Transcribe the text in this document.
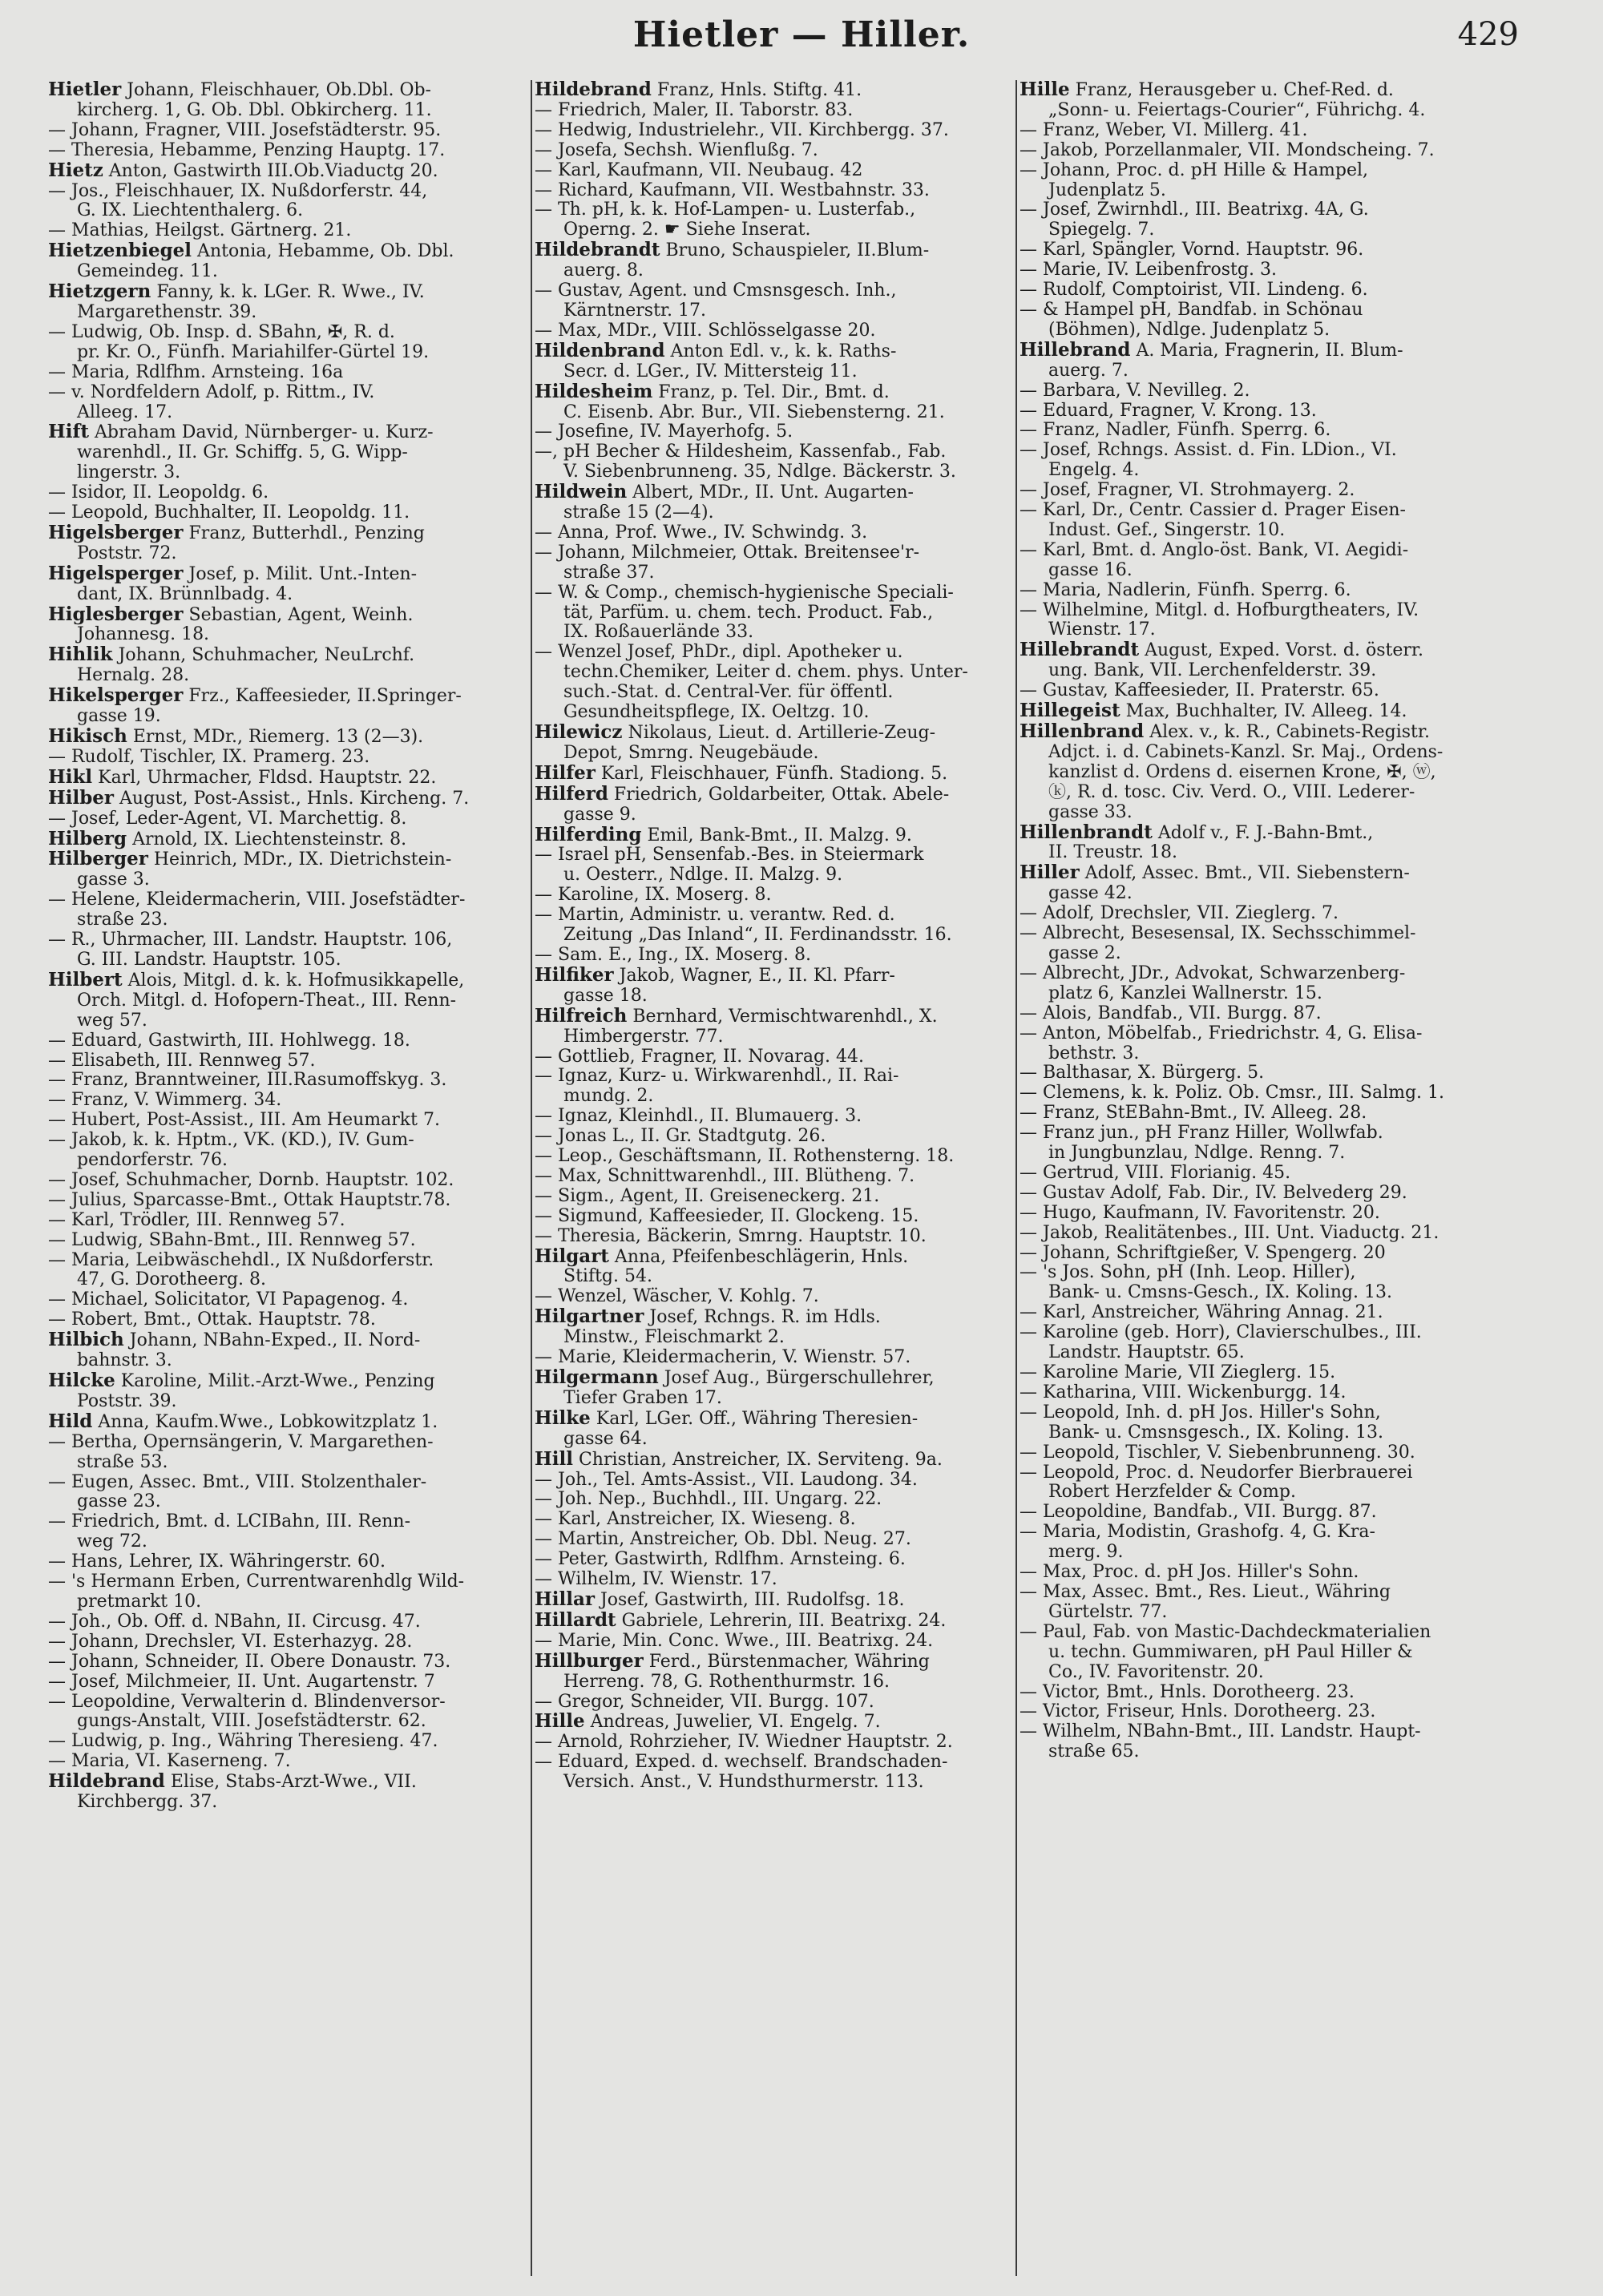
Hietler — Hiller.	429
Hietler Johann, Fleischhauer, Ob.Dbl. Ob-
kircherg. 1, G. Ob. Dbl. Obkircherg. 11.
— Johann, Fragner, VIII. Josefstädterstr. 95.
— Theresia, Hebamme, Penzing Hauptg. 17.
Hietz Anton, Gastwirth III.Ob.Viaductg 20.
— Jos., Fleischhauer, IX. Nußdorferstr. 44,
G. IX. Liechtenthalerg. 6.
— Mathias, Heilgst. Gärtnerg. 21.
Hietzenbiegel Antonia, Hebamme, Ob. Dbl.
Gemeindeg. 11.
Hietzgern Fanny, k. k. LGer. R. Wwe., IV.
Margarethenstr. 39.
— Ludwig, Ob. Insp. d. SBahn, ✠, R. d.
pr. Kr. O., Fünfh. Mariahilfer-Gürtel 19.
— Maria, Rdlfhm. Arnsteing. 16a
— v. Nordfeldern Adolf, p. Rittm., IV.
Alleeg. 17.
Hift Abraham David, Nürnberger- u. Kurz-
warenhdl., II. Gr. Schiffg. 5, G. Wipp-
lingerstr. 3.
— Isidor, II. Leopoldg. 6.
— Leopold, Buchhalter, II. Leopoldg. 11.
Higelsberger Franz, Butterhdl., Penzing
Poststr. 72.
Higelsperger Josef, p. Milit. Unt.-Inten-
dant, IX. Brünnlbadg. 4.
Higlesberger Sebastian, Agent, Weinh.
Johannesg. 18.
Hihlik Johann, Schuhmacher, NeuLrchf.
Hernalg. 28.
Hikelsperger Frz., Kaffeesieder, II.Springer-
gasse 19.
Hikisch Ernst, MDr., Riemerg. 13 (2—3).
— Rudolf, Tischler, IX. Pramerg. 23.
Hikl Karl, Uhrmacher, Fldsd. Hauptstr. 22.
Hilber August, Post-Assist., Hnls. Kircheng. 7.
— Josef, Leder-Agent, VI. Marchettig. 8.
Hilberg Arnold, IX. Liechtensteinstr. 8.
Hilberger Heinrich, MDr., IX. Dietrichstein-
gasse 3.
— Helene, Kleidermacherin, VIII. Josefstädter-
straße 23.
— R., Uhrmacher, III. Landstr. Hauptstr. 106,
G. III. Landstr. Hauptstr. 105.
Hilbert Alois, Mitgl. d. k. k. Hofmusikkapelle,
Orch. Mitgl. d. Hofopern-Theat., III. Renn-
weg 57.
— Eduard, Gastwirth, III. Hohlwegg. 18.
— Elisabeth, III. Rennweg 57.
— Franz, Branntweiner, III.Rasumoffskyg. 3.
— Franz, V. Wimmerg. 34.
— Hubert, Post-Assist., III. Am Heumarkt 7.
— Jakob, k. k. Hptm., VK. (KD.), IV. Gum-
pendorferstr. 76.
— Josef, Schuhmacher, Dornb. Hauptstr. 102.
— Julius, Sparcasse-Bmt., Ottak Hauptstr.78.
— Karl, Trödler, III. Rennweg 57.
— Ludwig, SBahn-Bmt., III. Rennweg 57.
— Maria, Leibwäschehdl., IX Nußdorferstr.
47, G. Dorotheerg. 8.
— Michael, Solicitator, VI Papagenog. 4.
— Robert, Bmt., Ottak. Hauptstr. 78.
Hilbich Johann, NBahn-Exped., II. Nord-
bahnstr. 3.
Hilcke Karoline, Milit.-Arzt-Wwe., Penzing
Poststr. 39.
Hild Anna, Kaufm.Wwe., Lobkowitzplatz 1.
— Bertha, Opernsängerin, V. Margarethen-
straße 53.
— Eugen, Assec. Bmt., VIII. Stolzenthaler-
gasse 23.
— Friedrich, Bmt. d. LCIBahn, III. Renn-
weg 72.
— Hans, Lehrer, IX. Währingerstr. 60.
— 's Hermann Erben, Currentwarenhdlg Wild-
pretmarkt 10.
— Joh., Ob. Off. d. NBahn, II. Circusg. 47.
— Johann, Drechsler, VI. Esterhazyg. 28.
— Johann, Schneider, II. Obere Donaustr. 73.
— Josef, Milchmeier, II. Unt. Augartenstr. 7
— Leopoldine, Verwalterin d. Blindenversor-
gungs-Anstalt, VIII. Josefstädterstr. 62.
— Ludwig, p. Ing., Währing Theresieng. 47.
— Maria, VI. Kaserneng. 7.
Hildebrand Elise, Stabs-Arzt-Wwe., VII.
Kirchbergg. 37.
Hildebrand Franz, Hnls. Stiftg. 41.
— Friedrich, Maler, II. Taborstr. 83.
— Hedwig, Industrielehr., VII. Kirchbergg. 37.
— Josefa, Sechsh. Wienflußg. 7.
— Karl, Kaufmann, VII. Neubaug. 42
— Richard, Kaufmann, VII. Westbahnstr. 33.
— Th. pH, k. k. Hof-Lampen- u. Lusterfab.,
Operng. 2. ☛ Siehe Inserat.
Hildebrandt Bruno, Schauspieler, II.Blum-
auerg. 8.
— Gustav, Agent. und Cmsnsgesch. Inh.,
Kärntnerstr. 17.
— Max, MDr., VIII. Schlösselgasse 20.
Hildenbrand Anton Edl. v., k. k. Raths-
Secr. d. LGer., IV. Mittersteig 11.
Hildesheim Franz, p. Tel. Dir., Bmt. d.
C. Eisenb. Abr. Bur., VII. Siebensterng. 21.
— Josefine, IV. Mayerhofg. 5.
—, pH Becher & Hildesheim, Kassenfab., Fab.
V. Siebenbrunneng. 35, Ndlge. Bäckerstr. 3.
Hildwein Albert, MDr., II. Unt. Augarten-
straße 15 (2—4).
— Anna, Prof. Wwe., IV. Schwindg. 3.
— Johann, Milchmeier, Ottak. Breitensee'r-
straße 37.
— W. & Comp., chemisch-hygienische Speciali-
tät, Parfüm. u. chem. tech. Product. Fab.,
IX. Roßauerlände 33.
— Wenzel Josef, PhDr., dipl. Apotheker u.
techn.Chemiker, Leiter d. chem. phys. Unter-
such.-Stat. d. Central-Ver. für öffentl.
Gesundheitspflege, IX. Oeltzg. 10.
Hilewicz Nikolaus, Lieut. d. Artillerie-Zeug-
Depot, Smrng. Neugebäude.
Hilfer Karl, Fleischhauer, Fünfh. Stadiong. 5.
Hilferd Friedrich, Goldarbeiter, Ottak. Abele-
gasse 9.
Hilferding Emil, Bank-Bmt., II. Malzg. 9.
— Israel pH, Sensenfab.-Bes. in Steiermark
u. Oesterr., Ndlge. II. Malzg. 9.
— Karoline, IX. Moserg. 8.
— Martin, Administr. u. verantw. Red. d.
Zeitung „Das Inland“, II. Ferdinandsstr. 16.
— Sam. E., Ing., IX. Moserg. 8.
Hilfiker Jakob, Wagner, E., II. Kl. Pfarr-
gasse 18.
Hilfreich Bernhard, Vermischtwarenhdl., X.
Himbergerstr. 77.
— Gottlieb, Fragner, II. Novarag. 44.
— Ignaz, Kurz- u. Wirkwarenhdl., II. Rai-
mundg. 2.
— Ignaz, Kleinhdl., II. Blumauerg. 3.
— Jonas L., II. Gr. Stadtgutg. 26.
— Leop., Geschäftsmann, II. Rothensterng. 18.
— Max, Schnittwarenhdl., III. Blütheng. 7.
— Sigm., Agent, II. Greiseneckerg. 21.
— Sigmund, Kaffeesieder, II. Glockeng. 15.
— Theresia, Bäckerin, Smrng. Hauptstr. 10.
Hilgart Anna, Pfeifenbeschlägerin, Hnls.
Stiftg. 54.
— Wenzel, Wäscher, V. Kohlg. 7.
Hilgartner Josef, Rchngs. R. im Hdls.
Minstw., Fleischmarkt 2.
— Marie, Kleidermacherin, V. Wienstr. 57.
Hilgermann Josef Aug., Bürgerschullehrer,
Tiefer Graben 17.
Hilke Karl, LGer. Off., Währing Theresien-
gasse 64.
Hill Christian, Anstreicher, IX. Serviteng. 9a.
— Joh., Tel. Amts-Assist., VII. Laudong. 34.
— Joh. Nep., Buchhdl., III. Ungarg. 22.
— Karl, Anstreicher, IX. Wieseng. 8.
— Martin, Anstreicher, Ob. Dbl. Neug. 27.
— Peter, Gastwirth, Rdlfhm. Arnsteing. 6.
— Wilhelm, IV. Wienstr. 17.
Hillar Josef, Gastwirth, III. Rudolfsg. 18.
Hillardt Gabriele, Lehrerin, III. Beatrixg. 24.
— Marie, Min. Conc. Wwe., III. Beatrixg. 24.
Hillburger Ferd., Bürstenmacher, Währing
Herreng. 78, G. Rothenthurmstr. 16.
— Gregor, Schneider, VII. Burgg. 107.
Hille Andreas, Juwelier, VI. Engelg. 7.
— Arnold, Rohrzieher, IV. Wiedner Hauptstr. 2.
— Eduard, Exped. d. wechself. Brandschaden-
Versich. Anst., V. Hundsthurmerstr. 113.
Hille Franz, Herausgeber u. Chef-Red. d.
„Sonn- u. Feiertags-Courier“, Führichg. 4.
— Franz, Weber, VI. Millerg. 41.
— Jakob, Porzellanmaler, VII. Mondscheing. 7.
— Johann, Proc. d. pH Hille & Hampel,
Judenplatz 5.
— Josef, Zwirnhdl., III. Beatrixg. 4A, G.
Spiegelg. 7.
— Karl, Spängler, Vornd. Hauptstr. 96.
— Marie, IV. Leibenfrostg. 3.
— Rudolf, Comptoirist, VII. Lindeng. 6.
— & Hampel pH, Bandfab. in Schönau
(Böhmen), Ndlge. Judenplatz 5.
Hillebrand A. Maria, Fragnerin, II. Blum-
auerg. 7.
— Barbara, V. Nevilleg. 2.
— Eduard, Fragner, V. Krong. 13.
— Franz, Nadler, Fünfh. Sperrg. 6.
— Josef, Rchngs. Assist. d. Fin. LDion., VI.
Engelg. 4.
— Josef, Fragner, VI. Strohmayerg. 2.
— Karl, Dr., Centr. Cassier d. Prager Eisen-
Indust. Gef., Singerstr. 10.
— Karl, Bmt. d. Anglo-öst. Bank, VI. Aegidi-
gasse 16.
— Maria, Nadlerin, Fünfh. Sperrg. 6.
— Wilhelmine, Mitgl. d. Hofburgtheaters, IV.
Wienstr. 17.
Hillebrandt August, Exped. Vorst. d. österr.
ung. Bank, VII. Lerchenfelderstr. 39.
— Gustav, Kaffeesieder, II. Praterstr. 65.
Hillegeist Max, Buchhalter, IV. Alleeg. 14.
Hillenbrand Alex. v., k. R., Cabinets-Registr.
Adjct. i. d. Cabinets-Kanzl. Sr. Maj., Ordens-
kanzlist d. Ordens d. eisernen Krone, ✠, ⓦ,
ⓚ, R. d. tosc. Civ. Verd. O., VIII. Lederer-
gasse 33.
Hillenbrandt Adolf v., F. J.-Bahn-Bmt.,
II. Treustr. 18.
Hiller Adolf, Assec. Bmt., VII. Siebenstern-
gasse 42.
— Adolf, Drechsler, VII. Zieglerg. 7.
— Albrecht, Besesensal, IX. Sechsschimmel-
gasse 2.
— Albrecht, JDr., Advokat, Schwarzenberg-
platz 6, Kanzlei Wallnerstr. 15.
— Alois, Bandfab., VII. Burgg. 87.
— Anton, Möbelfab., Friedrichstr. 4, G. Elisa-
bethstr. 3.
— Balthasar, X. Bürgerg. 5.
— Clemens, k. k. Poliz. Ob. Cmsr., III. Salmg. 1.
— Franz, StEBahn-Bmt., IV. Alleeg. 28.
— Franz jun., pH Franz Hiller, Wollwfab.
in Jungbunzlau, Ndlge. Renng. 7.
— Gertrud, VIII. Florianig. 45.
— Gustav Adolf, Fab. Dir., IV. Belvederg 29.
— Hugo, Kaufmann, IV. Favoritenstr. 20.
— Jakob, Realitätenbes., III. Unt. Viaductg. 21.
— Johann, Schriftgießer, V. Spengerg. 20
— 's Jos. Sohn, pH (Inh. Leop. Hiller),
Bank- u. Cmsns-Gesch., IX. Koling. 13.
— Karl, Anstreicher, Währing Annag. 21.
— Karoline (geb. Horr), Clavierschulbes., III.
Landstr. Hauptstr. 65.
— Karoline Marie, VII Zieglerg. 15.
— Katharina, VIII. Wickenburgg. 14.
— Leopold, Inh. d. pH Jos. Hiller's Sohn,
Bank- u. Cmsnsgesch., IX. Koling. 13.
— Leopold, Tischler, V. Siebenbrunneng. 30.
— Leopold, Proc. d. Neudorfer Bierbrauerei
Robert Herzfelder & Comp.
— Leopoldine, Bandfab., VII. Burgg. 87.
— Maria, Modistin, Grashofg. 4, G. Kra-
merg. 9.
— Max, Proc. d. pH Jos. Hiller's Sohn.
— Max, Assec. Bmt., Res. Lieut., Währing
Gürtelstr. 77.
— Paul, Fab. von Mastic-Dachdeckmaterialien
u. techn. Gummiwaren, pH Paul Hiller &
Co., IV. Favoritenstr. 20.
— Victor, Bmt., Hnls. Dorotheerg. 23.
— Victor, Friseur, Hnls. Dorotheerg. 23.
— Wilhelm, NBahn-Bmt., III. Landstr. Haupt-
straße 65.
